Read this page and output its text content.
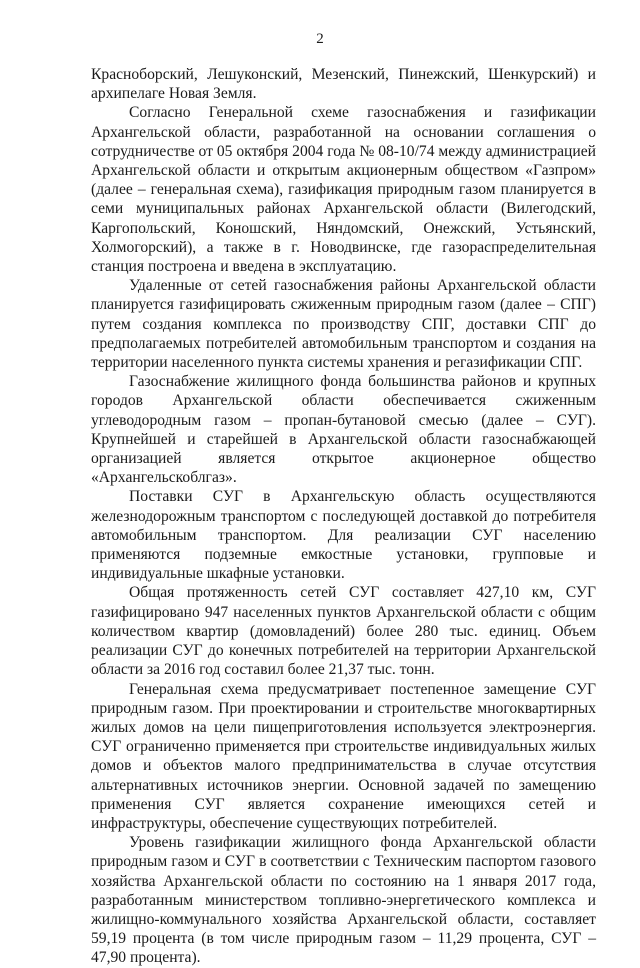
2

Красноборский, Лешуконский, Мезенский, Пинежский, Шенкурский) и архипелаге Новая Земля.

Согласно Генеральной схеме газоснабжения и газификации Архангельской области, разработанной на основании соглашения о сотрудничестве от 05 октября 2004 года № 08-10/74 между администрацией Архангельской области и открытым акционерным обществом «Газпром» (далее – генеральная схема), газификация природным газом планируется в семи муниципальных районах Архангельской области (Вилегодский, Каргопольский, Коношский, Няндомский, Онежский, Устьянский, Холмогорский), а также в г. Новодвинске, где газораспределительная станция построена и введена в эксплуатацию.

Удаленные от сетей газоснабжения районы Архангельской области планируется газифицировать сжиженным природным газом (далее – СПГ) путем создания комплекса по производству СПГ, доставки СПГ до предполагаемых потребителей автомобильным транспортом и создания на территории населенного пункта системы хранения и регазификации СПГ.

Газоснабжение жилищного фонда большинства районов и крупных городов Архангельской области обеспечивается сжиженным углеводородным газом – пропан-бутановой смесью (далее – СУГ). Крупнейшей и старейшей в Архангельской области газоснабжающей организацией является открытое акционерное общество «Архангельскоблгаз».

Поставки СУГ в Архангельскую область осуществляются железнодорожным транспортом с последующей доставкой до потребителя автомобильным транспортом. Для реализации СУГ населению применяются подземные емкостные установки, групповые и индивидуальные шкафные установки.

Общая протяженность сетей СУГ составляет 427,10 км, СУГ газифицировано 947 населенных пунктов Архангельской области с общим количеством квартир (домовладений) более 280 тыс. единиц. Объем реализации СУГ до конечных потребителей на территории Архангельской области за 2016 год составил более 21,37 тыс. тонн.

Генеральная схема предусматривает постепенное замещение СУГ природным газом. При проектировании и строительстве многоквартирных жилых домов на цели пищеприготовления используется электроэнергия. СУГ ограниченно применяется при строительстве индивидуальных жилых домов и объектов малого предпринимательства в случае отсутствия альтернативных источников энергии. Основной задачей по замещению применения СУГ является сохранение имеющихся сетей и инфраструктуры, обеспечение существующих потребителей.

Уровень газификации жилищного фонда Архангельской области природным газом и СУГ в соответствии с Техническим паспортом газового хозяйства Архангельской области по состоянию на 1 января 2017 года, разработанным министерством топливно-энергетического комплекса и жилищно-коммунального хозяйства Архангельской области, составляет 59,19 процента (в том числе природным газом – 11,29 процента, СУГ – 47,90 процента).
